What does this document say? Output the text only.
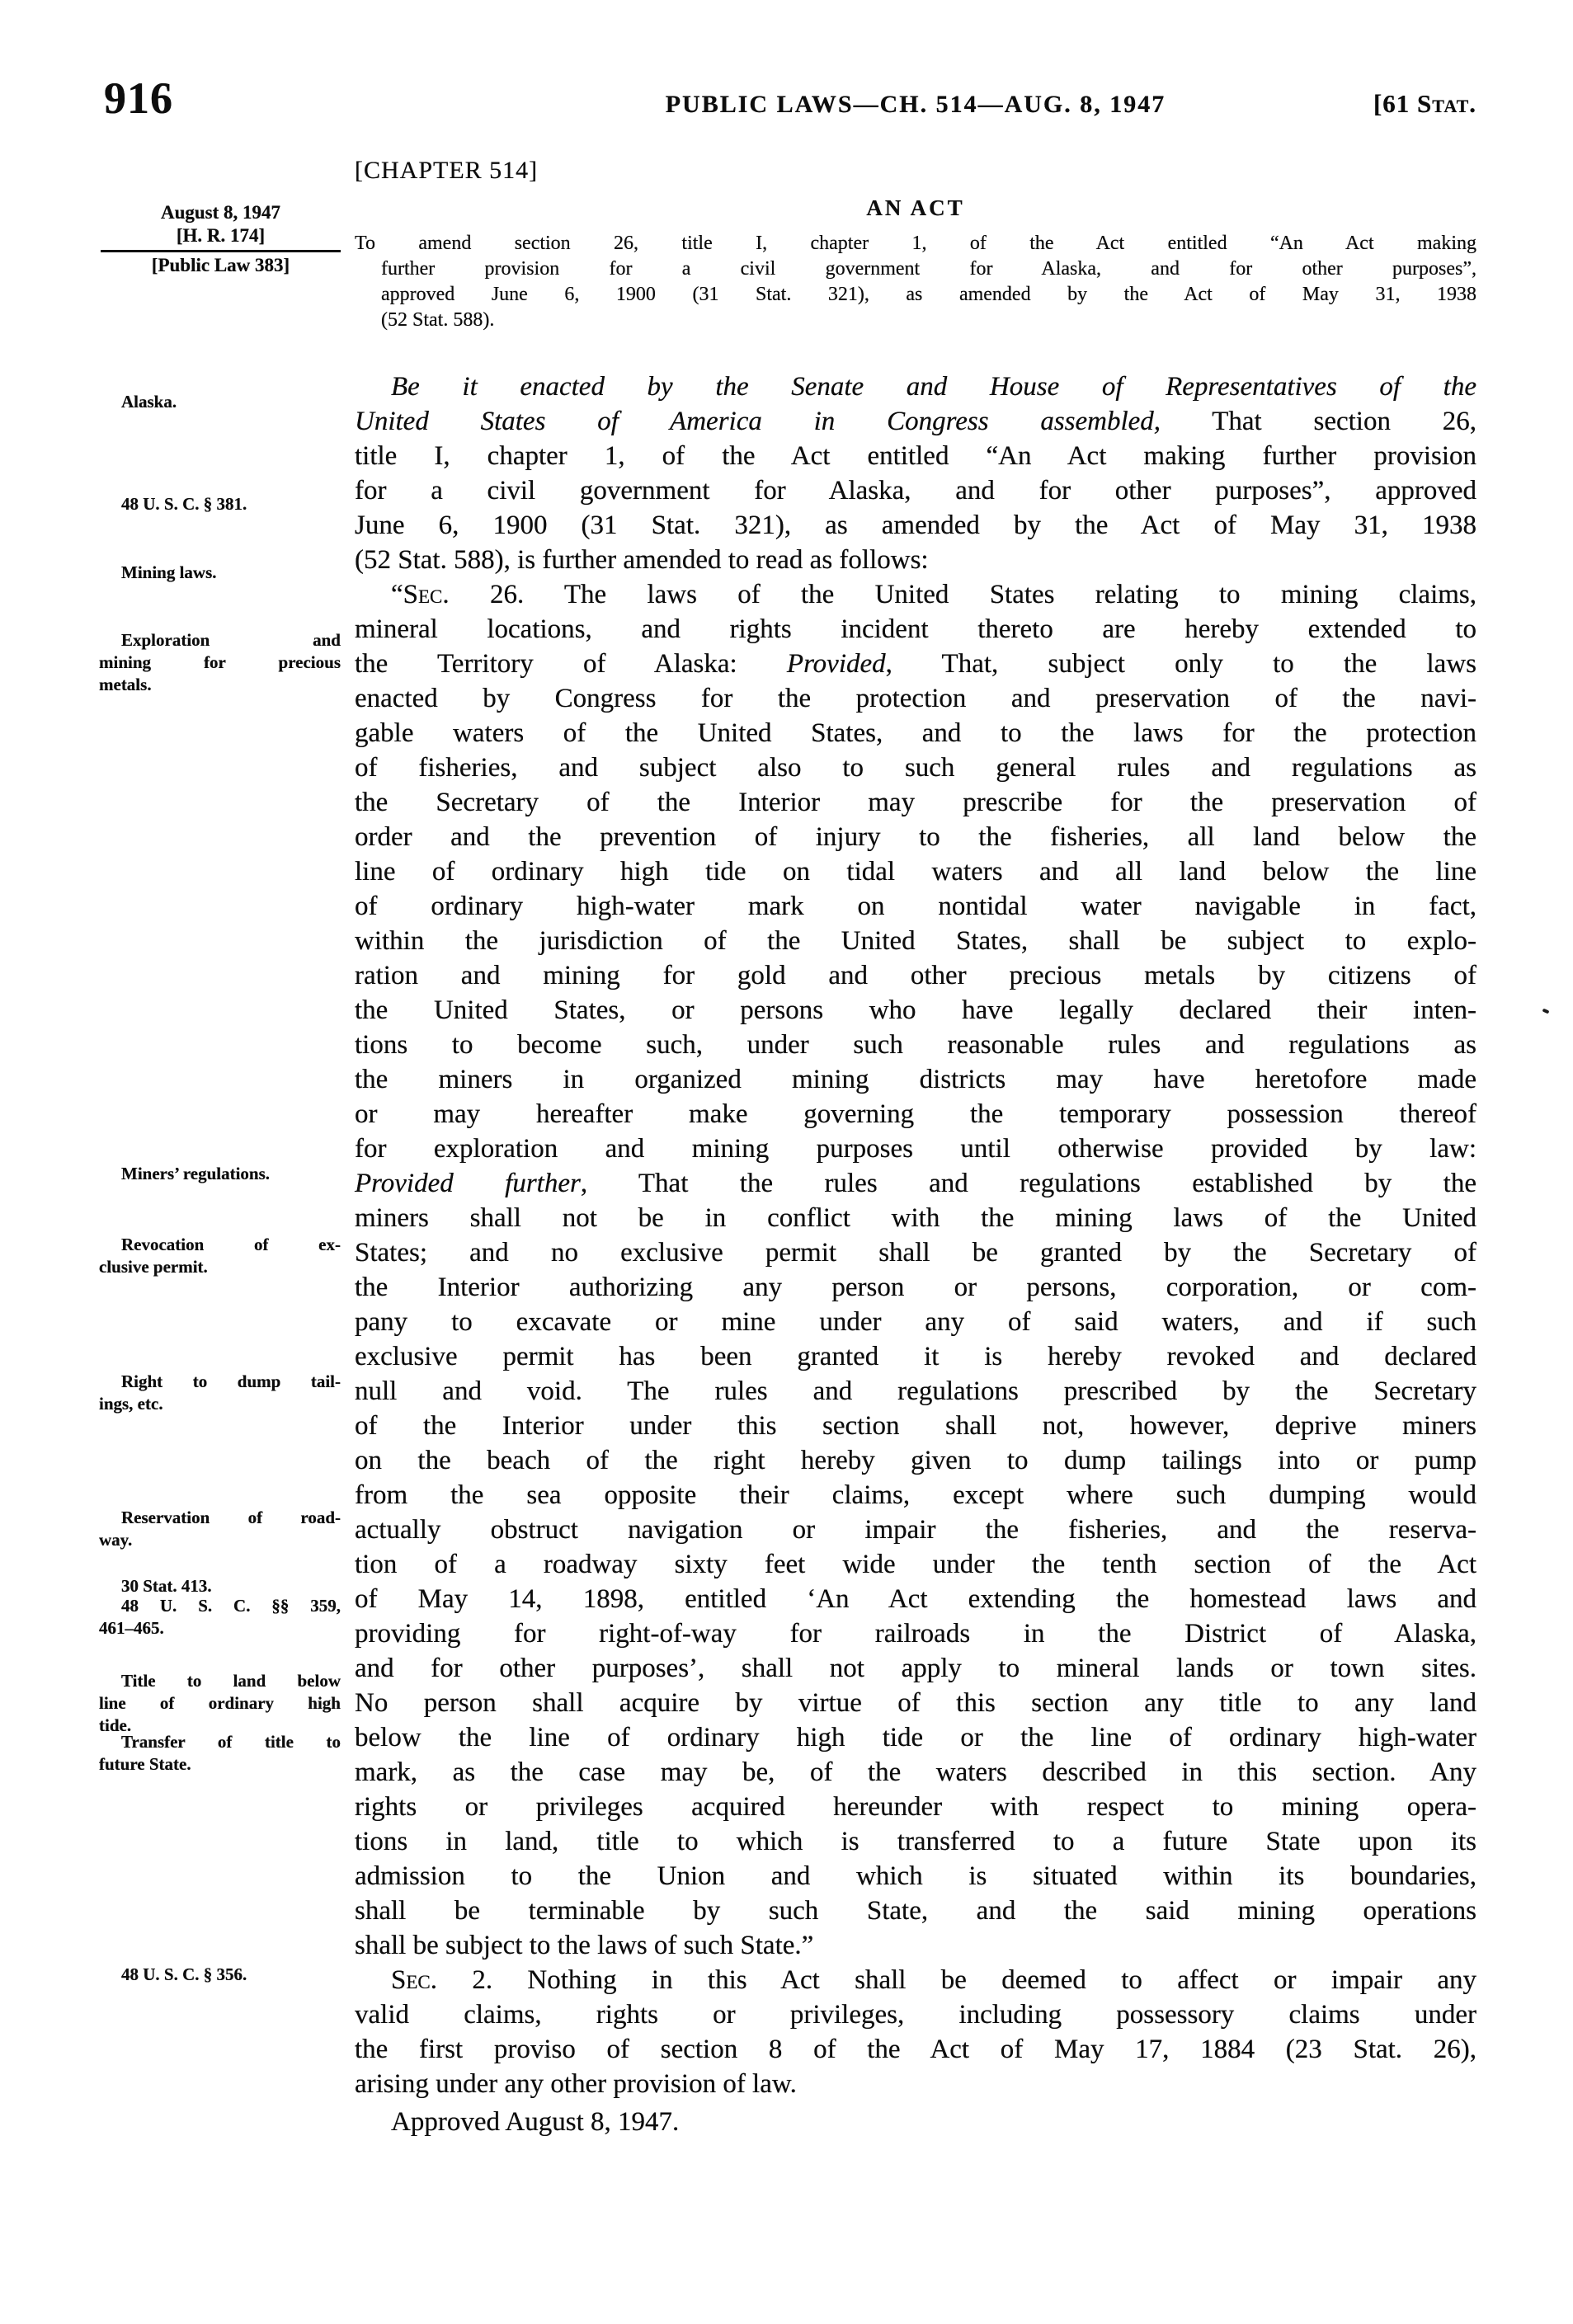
916	PUBLIC LAWS—CH. 514—AUG. 8, 1947	[61 Stat.
August 8, 1947
[H. R. 174]
[Public Law 383]
Alaska.
48 U. S. C. § 381.
Mining laws.
Exploration and
mining for precious
metals.
Miners’ regulations.
Revocation of ex-
clusive permit.
Right to dump tail-
ings, etc.
Reservation of road-
way.
30 Stat. 413.
48 U. S. C. §§ 359,
461–465.
Title to land below
line of ordinary high
tide.
Transfer of title to
future State.
48 U. S. C. § 356.
[CHAPTER 514]
AN ACT
To amend section 26, title I, chapter 1, of the Act entitled “An Act making
further provision for a civil government for Alaska, and for other purposes”,
approved June 6, 1900 (31 Stat. 321), as amended by the Act of May 31, 1938
(52 Stat. 588).
Be it enacted by the Senate and House of Representatives of the
United States of America in Congress assembled, That section 26,
title I, chapter 1, of the Act entitled “An Act making further provision
for a civil government for Alaska, and for other purposes”, approved
June 6, 1900 (31 Stat. 321), as amended by the Act of May 31, 1938
(52 Stat. 588), is further amended to read as follows:
“Sec. 26. The laws of the United States relating to mining claims,
mineral locations, and rights incident thereto are hereby extended to
the Territory of Alaska: Provided, That, subject only to the laws
enacted by Congress for the protection and preservation of the navi-
gable waters of the United States, and to the laws for the protection
of fisheries, and subject also to such general rules and regulations as
the Secretary of the Interior may prescribe for the preservation of
order and the prevention of injury to the fisheries, all land below the
line of ordinary high tide on tidal waters and all land below the line
of ordinary high-water mark on nontidal water navigable in fact,
within the jurisdiction of the United States, shall be subject to explo-
ration and mining for gold and other precious metals by citizens of
the United States, or persons who have legally declared their inten-
tions to become such, under such reasonable rules and regulations as
the miners in organized mining districts may have heretofore made
or may hereafter make governing the temporary possession thereof
for exploration and mining purposes until otherwise provided by law:
Provided further, That the rules and regulations established by the
miners shall not be in conflict with the mining laws of the United
States; and no exclusive permit shall be granted by the Secretary of
the Interior authorizing any person or persons, corporation, or com-
pany to excavate or mine under any of said waters, and if such
exclusive permit has been granted it is hereby revoked and declared
null and void. The rules and regulations prescribed by the Secretary
of the Interior under this section shall not, however, deprive miners
on the beach of the right hereby given to dump tailings into or pump
from the sea opposite their claims, except where such dumping would
actually obstruct navigation or impair the fisheries, and the reserva-
tion of a roadway sixty feet wide under the tenth section of the Act
of May 14, 1898, entitled ‘An Act extending the homestead laws and
providing for right-of-way for railroads in the District of Alaska,
and for other purposes’, shall not apply to mineral lands or town sites.
No person shall acquire by virtue of this section any title to any land
below the line of ordinary high tide or the line of ordinary high-water
mark, as the case may be, of the waters described in this section. Any
rights or privileges acquired hereunder with respect to mining opera-
tions in land, title to which is transferred to a future State upon its
admission to the Union and which is situated within its boundaries,
shall be terminable by such State, and the said mining operations
shall be subject to the laws of such State.”
Sec. 2. Nothing in this Act shall be deemed to affect or impair any
valid claims, rights or privileges, including possessory claims under
the first proviso of section 8 of the Act of May 17, 1884 (23 Stat. 26),
arising under any other provision of law.
Approved August 8, 1947.
